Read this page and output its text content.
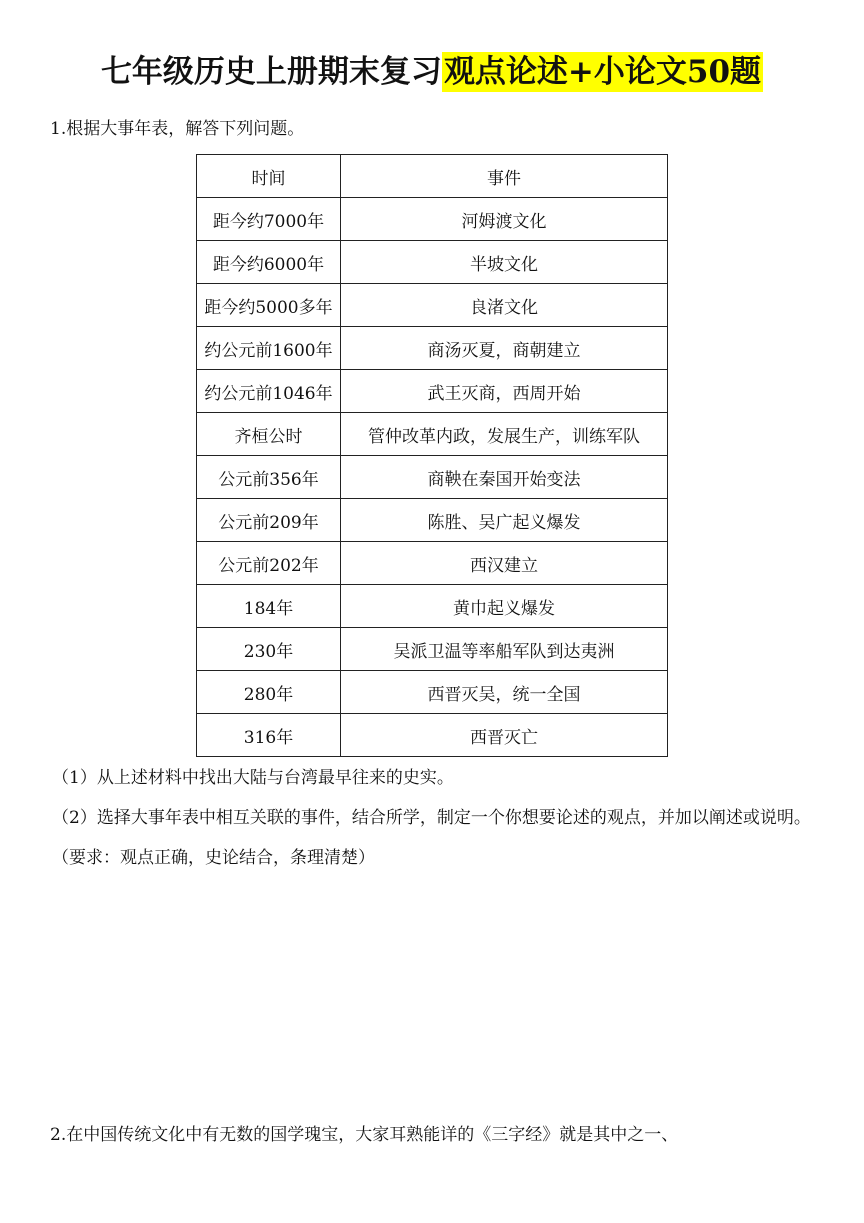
七年级历史上册期末复习观点论述+小论文50题
1.根据大事年表，解答下列问题。
时间	事件
距今约7000年	河姆渡文化
距今约6000年	半坡文化
距今约5000多年	良渚文化
约公元前1600年	商汤灭夏，商朝建立
约公元前1046年	武王灭商，西周开始
齐桓公时	管仲改革内政，发展生产，训练军队
公元前356年	商鞅在秦国开始变法
公元前209年	陈胜、吴广起义爆发
公元前202年	西汉建立
184年	黄巾起义爆发
230年	吴派卫温等率船军队到达夷洲
280年	西晋灭吴，统一全国
316年	西晋灭亡
（1）从上述材料中找出大陆与台湾最早往来的史实。
（2）选择大事年表中相互关联的事件，结合所学，制定一个你想要论述的观点，并加以阐述或说明。（要求：观点正确，史论结合，条理清楚）
2.在中国传统文化中有无数的国学瑰宝，大家耳熟能详的《三字经》就是其中之一、
